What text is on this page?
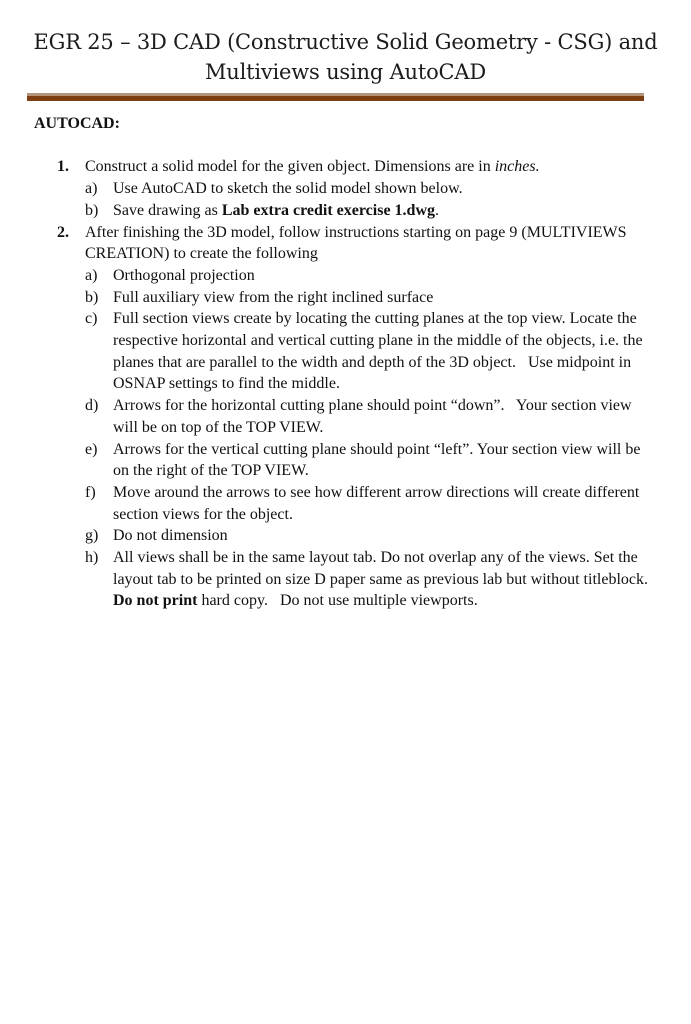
EGR 25 – 3D CAD (Constructive Solid Geometry - CSG) and
Multiviews using AutoCAD
AUTOCAD:
1.	Construct a solid model for the given object. Dimensions are in inches.
a) Use AutoCAD to sketch the solid model shown below.
b) Save drawing as Lab extra credit exercise 1.dwg.
2.	After finishing the 3D model, follow instructions starting on page 9 (MULTIVIEWS CREATION) to create the following
a) Orthogonal projection
b) Full auxiliary view from the right inclined surface
c) Full section views create by locating the cutting planes at the top view. Locate the respective horizontal and vertical cutting plane in the middle of the objects, i.e. the planes that are parallel to the width and depth of the 3D object.   Use midpoint in OSNAP settings to find the middle.
d) Arrows for the horizontal cutting plane should point “down”.   Your section view will be on top of the TOP VIEW.
e) Arrows for the vertical cutting plane should point “left”. Your section view will be on the right of the TOP VIEW.
f)	Move around the arrows to see how different arrow directions will create different section views for the object.
g) Do not dimension
h) All views shall be in the same layout tab. Do not overlap any of the views. Set the layout tab to be printed on size D paper same as previous lab but without titleblock.   Do not print hard copy.   Do not use multiple viewports.
